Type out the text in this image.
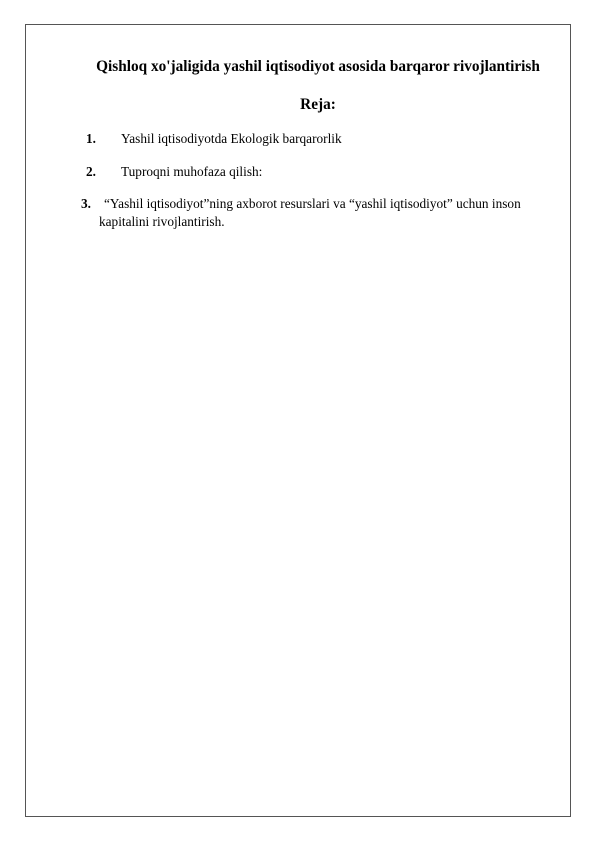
Qishloq xo'jaligida yashil iqtisodiyot asosida barqaror rivojlantirish
Reja:
1. Yashil iqtisodiyotda Ekologik barqarorlik
2. Tuproqni muhofaza qilish:
3. “Yashil iqtisodiyot”ning axborot resurslari va “yashil iqtisodiyot” uchun inson
kapitalini rivojlantirish.
